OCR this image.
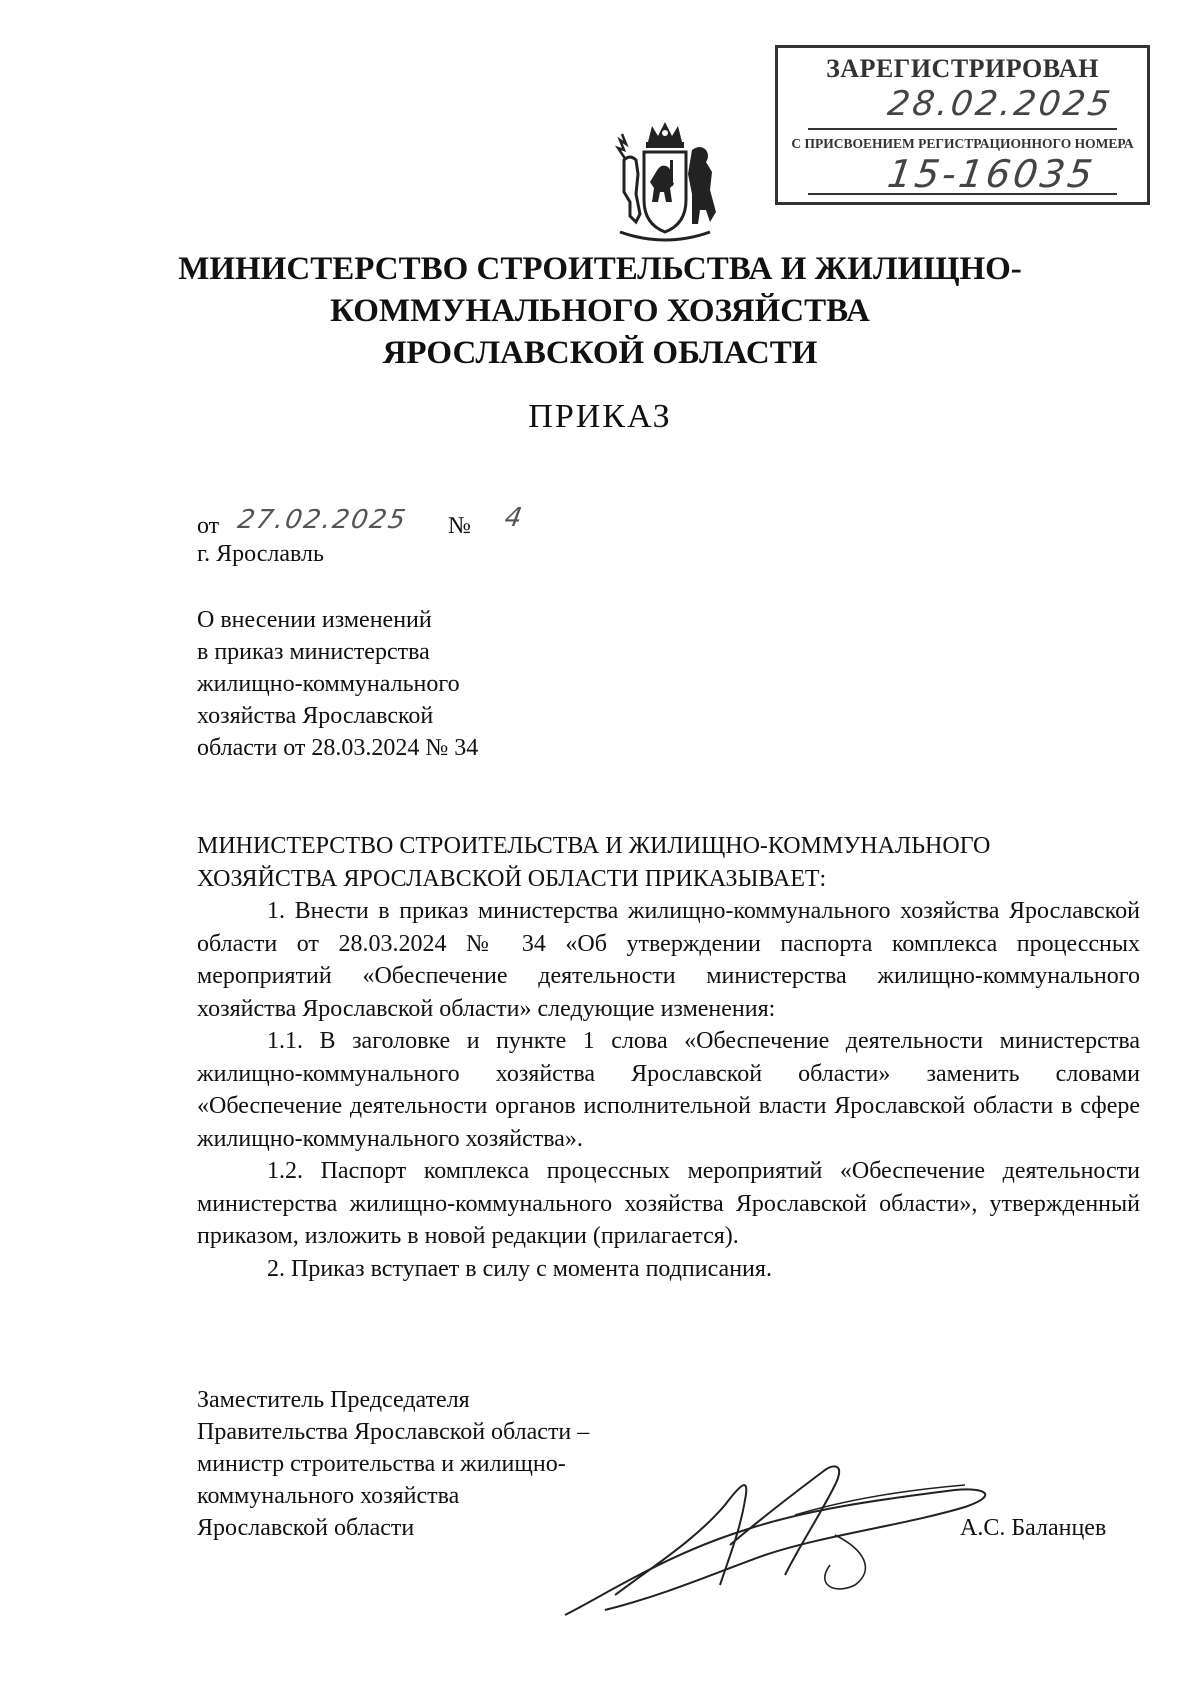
ЗАРЕГИСТРИРОВАН
28.02.2025
С ПРИСВОЕНИЕМ РЕГИСТРАЦИОННОГО НОМЕРА
15-16035
МИНИСТЕРСТВО СТРОИТЕЛЬСТВА И ЖИЛИЩНО-
КОММУНАЛЬНОГО ХОЗЯЙСТВА
ЯРОСЛАВСКОЙ ОБЛАСТИ
ПРИКАЗ
от 27.02.2025 № 4
г. Ярославль
О внесении изменений
в приказ министерства
жилищно-коммунального
хозяйства Ярославской
области от 28.03.2024 № 34

МИНИСТЕРСТВО СТРОИТЕЛЬСТВА И ЖИЛИЩНО-КОММУНАЛЬНОГО

ХОЗЯЙСТВА ЯРОСЛАВСКОЙ ОБЛАСТИ ПРИКАЗЫВАЕТ:

1. Внести в приказ министерства жилищно-коммунального хозяйства Ярославской области от 28.03.2024 № 34 «Об утверждении паспорта комплекса процессных мероприятий «Обеспечение деятельности министерства жилищно-коммунального хозяйства Ярославской области» следующие изменения:

1.1. В заголовке и пункте 1 слова «Обеспечение деятельности министерства жилищно-коммунального хозяйства Ярославской области» заменить словами «Обеспечение деятельности органов исполнительной власти Ярославской области в сфере жилищно-коммунального хозяйства».

1.2. Паспорт комплекса процессных мероприятий «Обеспечение деятельности министерства жилищно-коммунального хозяйства Ярославской области», утвержденный приказом, изложить в новой редакции (прилагается).

2. Приказ вступает в силу с момента подписания.

Заместитель Председателя
Правительства Ярославской области –
министр строительства и жилищно-
коммунального хозяйства
Ярославской области	А.С. Баланцев
